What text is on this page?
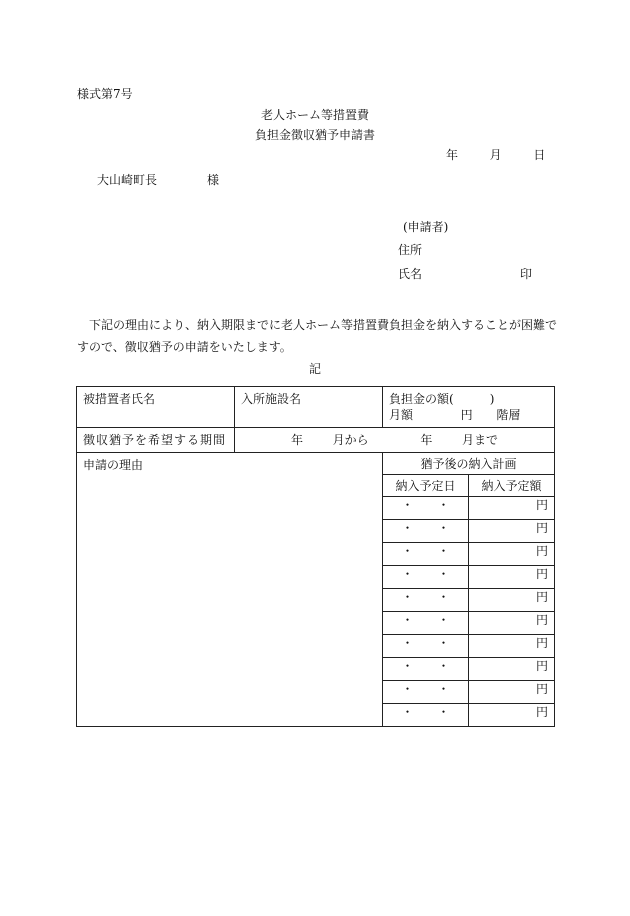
様式第7号
老人ホーム等措置費
負担金徴収猶予申請書
年	月	日
大山崎町長	様
(申請者)
住所
氏名	印
下記の理由により、納入期限までに老人ホーム等措置費負担金を納入することが困難ですので、徴収猶予の申請をいたします。
記
被措置者氏名	入所施設名	負担金の額( )
月額 円 階層	

徴収猶予を希望する期間	年 月から 年 月まで		
申請の理由		猶予後の納入計画	
		納入予定日	納入予定額
		・ ・	円
		・ ・	円
		・ ・	円
		・ ・	円
		・ ・	円
		・ ・	円
		・ ・	円
		・ ・	円
		・ ・	円
		・ ・	円
